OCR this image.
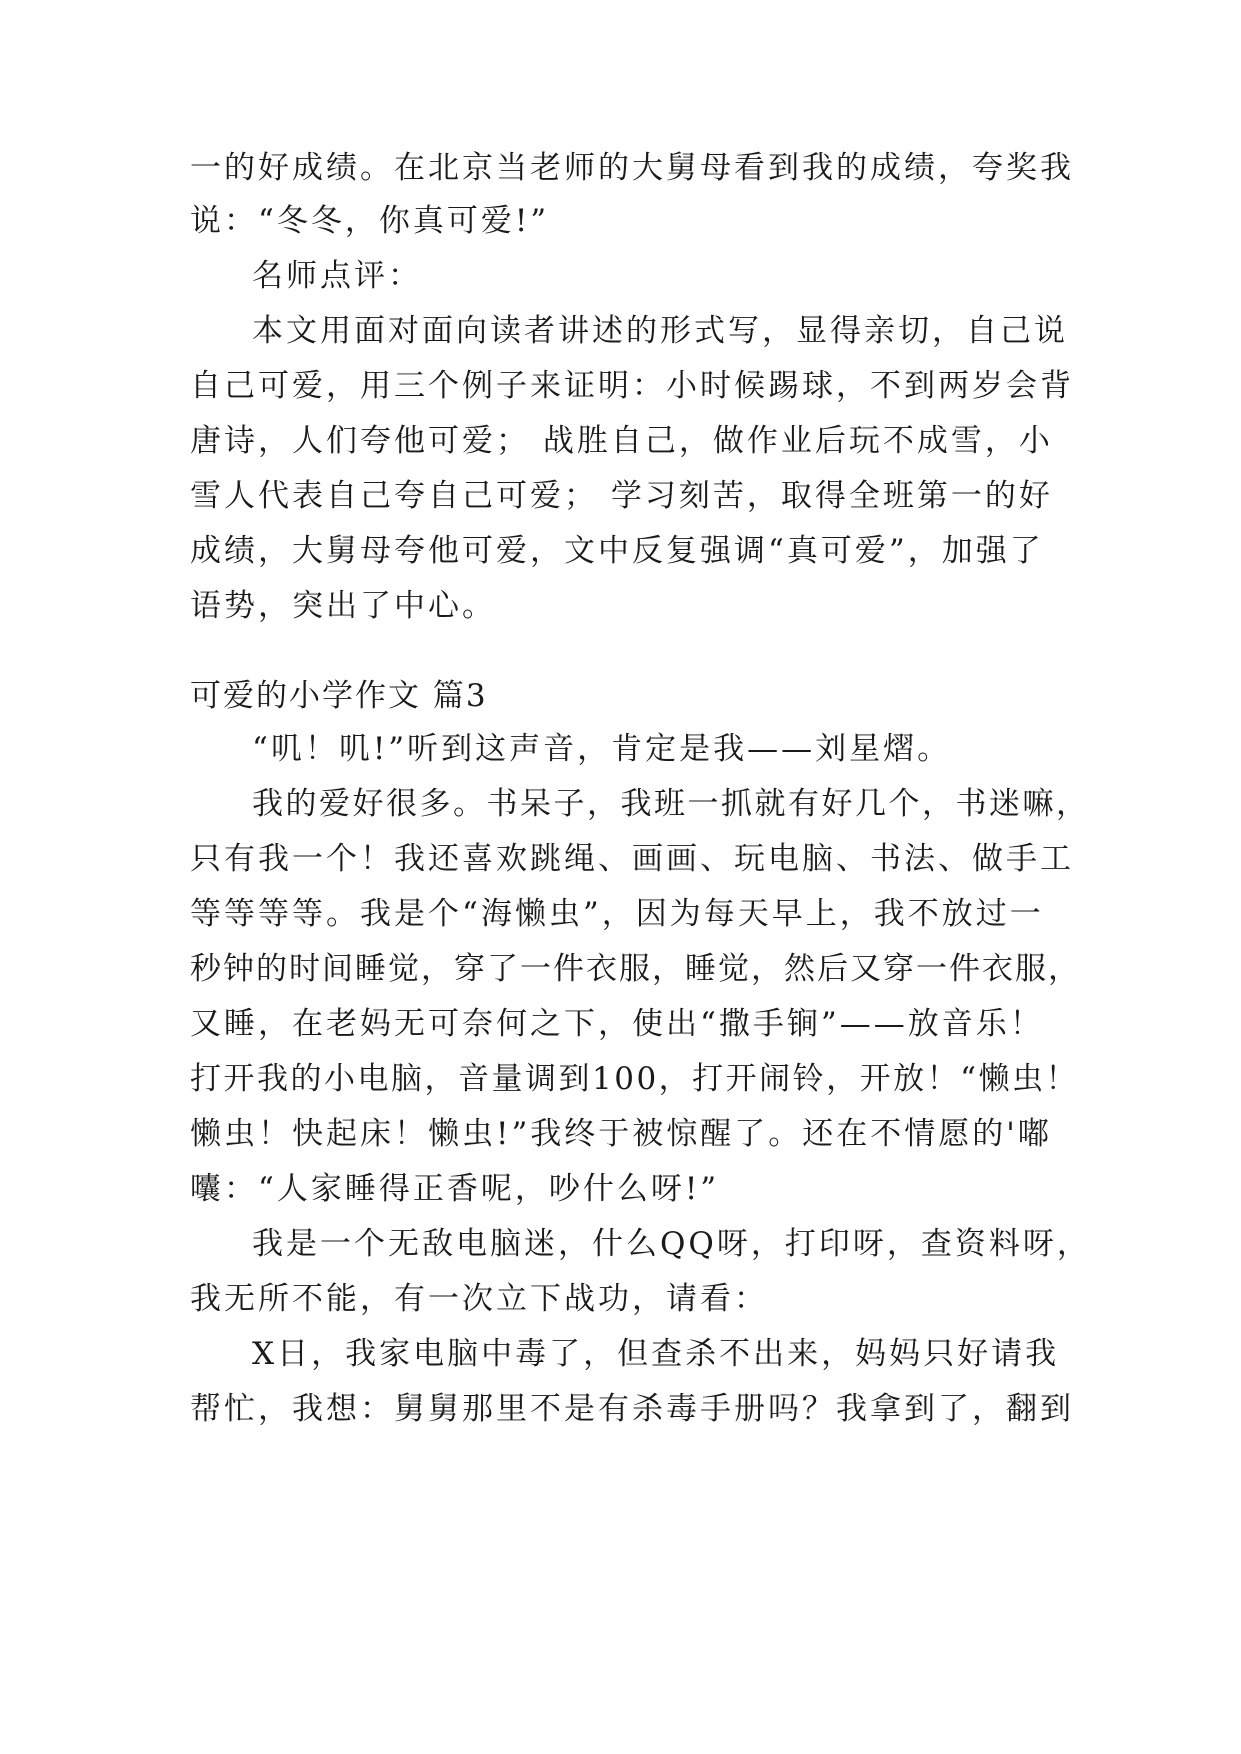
一的好成绩。在北京当老师的大舅母看到我的成绩，夸奖我
说：“冬冬，你真可爱!”
名师点评：
本文用面对面向读者讲述的形式写，显得亲切，自己说
自己可爱，用三个例子来证明：小时候踢球，不到两岁会背
唐诗，人们夸他可爱； 战胜自己，做作业后玩不成雪，小
雪人代表自己夸自己可爱； 学习刻苦，取得全班第一的好
成绩，大舅母夸他可爱，文中反复强调“真可爱”，加强了
语势，突出了中心。
可爱的小学作文 篇3
“叽！叽!”听到这声音，肯定是我——刘星熠。
我的爱好很多。书呆子，我班一抓就有好几个，书迷嘛，
只有我一个！我还喜欢跳绳、画画、玩电脑、书法、做手工
等等等等。我是个“海懒虫”，因为每天早上，我不放过一
秒钟的时间睡觉，穿了一件衣服，睡觉，然后又穿一件衣服，
又睡，在老妈无可奈何之下，使出“撒手锏”——放音乐！
打开我的小电脑，音量调到100，打开闹铃，开放！“懒虫！
懒虫！快起床！懒虫!”我终于被惊醒了。还在不情愿的'嘟
囔：“人家睡得正香呢，吵什么呀!”
我是一个无敌电脑迷，什么QQ呀，打印呀，查资料呀，
我无所不能，有一次立下战功，请看：
X日，我家电脑中毒了，但查杀不出来，妈妈只好请我
帮忙，我想：舅舅那里不是有杀毒手册吗？我拿到了，翻到
